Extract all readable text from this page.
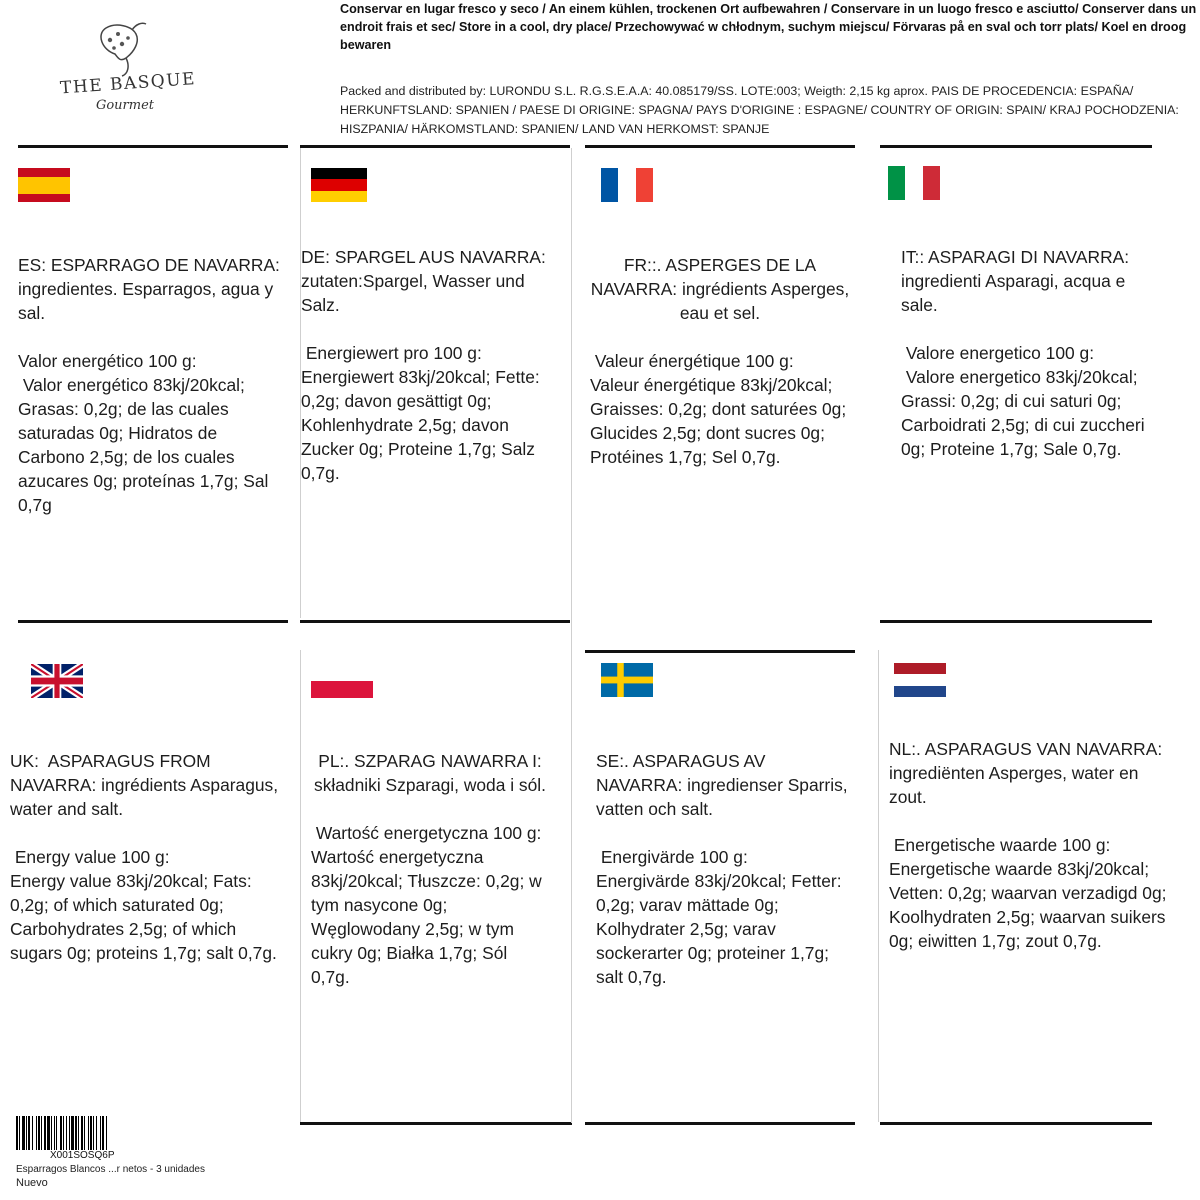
THE BASQUE
Gourmet
Conservar en lugar fresco y seco / An einem kühlen, trockenen Ort aufbewahren / Conservare in un luogo fresco e asciutto/ Conserver dans un endroit frais et sec/ Store in a cool, dry place/ Przechowywać w chłodnym, suchym miejscu/ Förvaras på en sval och torr plats/ Koel en droog bewaren
Packed and distributed by: LURONDU S.L. R.G.S.E.A.A: 40.085179/SS. LOTE:003; Weigth: 2,15 kg aprox. PAIS DE PROCEDENCIA: ESPAÑA/ HERKUNFTSLAND: SPANIEN / PAESE DI ORIGINE: SPAGNA/ PAYS D'ORIGINE : ESPAGNE/ COUNTRY OF ORIGIN: SPAIN/ KRAJ POCHODZENIA: HISZPANIA/ HÄRKOMSTLAND: SPANIEN/ LAND VAN HERKOMST: SPANJE

ES: ESPARRAGO DE NAVARRA: ingredientes. Esparragos, agua y sal.

Valor energético 100 g:

Valor energético 83kj/20kcal; Grasas: 0,2g; de las cuales saturadas 0g; Hidratos de Carbono 2,5g; de los cuales azucares 0g; proteínas 1,7g; Sal 0,7g

DE: SPARGEL AUS NAVARRA: zutaten:Spargel, Wasser und Salz.

Energiewert pro 100 g:

Energiewert 83kj/20kcal; Fette: 0,2g; davon gesättigt 0g; Kohlenhydrate 2,5g; davon Zucker 0g; Proteine 1,7g; Salz 0,7g.

FR::. ASPERGES DE LA NAVARRA: ingrédients Asperges, eau et sel.

Valeur énergétique 100 g:

Valeur énergétique 83kj/20kcal; Graisses: 0,2g; dont saturées 0g; Glucides 2,5g; dont sucres 0g; Protéines 1,7g; Sel 0,7g.

IT:: ASPARAGI DI NAVARRA: ingredienti Asparagi, acqua e sale.

Valore energetico 100 g:

Valore energetico 83kj/20kcal; Grassi: 0,2g; di cui saturi 0g; Carboidrati 2,5g; di cui zuccheri 0g; Proteine 1,7g; Sale 0,7g.

UK:  ASPARAGUS FROM NAVARRA: ingrédients Asparagus, water and salt.

Energy value 100 g:

Energy value 83kj/20kcal; Fats: 0,2g; of which saturated 0g; Carbohydrates 2,5g; of which sugars 0g; proteins 1,7g; salt 0,7g.

PL:. SZPARAG NAWARRA I: składniki Szparagi, woda i sól.

Wartość energetyczna 100 g:

Wartość energetyczna 83kj/20kcal; Tłuszcze: 0,2g; w tym nasycone 0g; Węglowodany 2,5g; w tym cukry 0g; Białka 1,7g; Sól 0,7g.

SE:. ASPARAGUS AV NAVARRA: ingredienser Sparris, vatten och salt.

Energivärde 100 g:

Energivärde 83kj/20kcal; Fetter: 0,2g; varav mättade 0g; Kolhydrater 2,5g; varav sockerarter 0g; proteiner 1,7g; salt 0,7g.

NL:. ASPARAGUS VAN NAVARRA: ingrediënten Asperges, water en zout.

Energetische waarde 100 g:

Energetische waarde 83kj/20kcal; Vetten: 0,2g; waarvan verzadigd 0g; Koolhydraten 2,5g; waarvan suikers 0g; eiwitten 1,7g; zout 0,7g.

X001SOSQ6P
Esparragos Blancos ...r netos - 3 unidades
Nuevo
